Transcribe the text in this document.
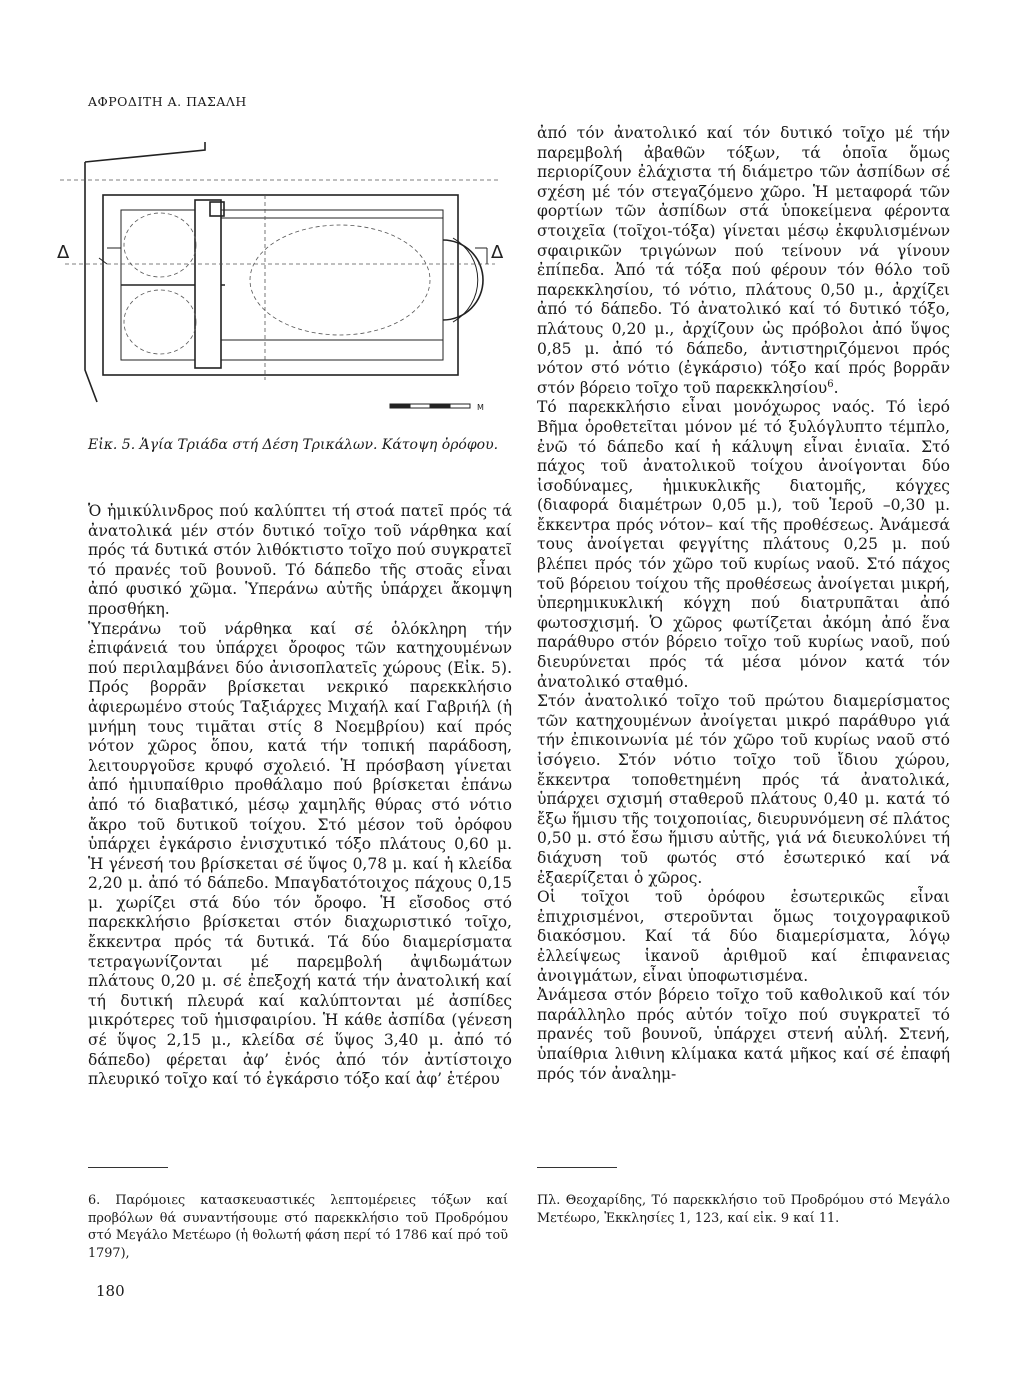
ΑΦΡΟΔΙΤΗ Α. ΠΑΣΑΛΗ
Δ	Δ
M
Εἰκ. 5. Ἁγία Τριάδα στή Δέση Τρικάλων. Κάτοψη ὀρόφου.

Ὁ ἡμικύλινδρος πού καλύπτει τή στοά πατεῖ πρός τά ἀνατολικά μέν στόν δυτικό τοῖχο τοῦ νάρθηκα καί πρός τά δυτικά στόν λιθόκτιστο τοῖχο πού συγκρατεῖ τό πρανές τοῦ βουνοῦ. Τό δάπεδο τῆς στοᾶς εἶναι ἀπό φυσικό χῶμα. Ὑπεράνω αὐτῆς ὑπάρχει ἄκομψη προσθήκη.

Ὑπεράνω τοῦ νάρθηκα καί σέ ὁλόκληρη τήν ἐπιφάνειά του ὑπάρχει ὄροφος τῶν κατηχουμένων πού περιλαμβάνει δύο ἀνισοπλατεῖς χώρους (Εἰκ. 5). Πρός βορρᾶν βρίσκεται νεκρικό παρεκκλήσιο ἀφιερωμένο στούς Ταξιάρχες Μιχαήλ καί Γαβριήλ (ἡ μνήμη τους τιμᾶται στίς 8 Νοεμβρίου) καί πρός νότον χῶρος ὅπου, κατά τήν τοπική παράδοση, λειτουργοῦσε κρυφό σχολειό. Ἡ πρόσβαση γίνεται ἀπό ἡμιυπαίθριο προθάλαμο πού βρίσκεται ἐπάνω ἀπό τό διαβατικό, μέσῳ χαμηλῆς θύρας στό νότιο ἄκρο τοῦ δυτικοῦ τοίχου. Στό μέσον τοῦ ὀρόφου ὑπάρχει ἐγκάρσιο ἐνισχυτικό τόξο πλάτους 0,60 μ. Ἡ γένεσή του βρίσκεται σέ ὕψος 0,78 μ. καί ἡ κλείδα 2,20 μ. ἀπό τό δάπεδο. Μπαγδατότοιχος πάχους 0,15 μ. χωρίζει στά δύο τόν ὄροφο. Ἡ εἴσοδος στό παρεκκλήσιο βρίσκεται στόν διαχωριστικό τοῖχο, ἔκκεντρα πρός τά δυτικά. Τά δύο διαμερίσματα τετραγωνίζονται μέ παρεμβολή ἀψιδωμάτων πλάτους 0,20 μ. σέ ἐπεξοχή κατά τήν ἀνατολική καί τή δυτική πλευρά καί καλύπτονται μέ ἀσπίδες μικρότερες τοῦ ἡμισφαιρίου. Ἡ κάθε ἀσπίδα (γένεση σέ ὕψος 2,15 μ., κλείδα σέ ὕψος 3,40 μ. ἀπό τό δάπεδο) φέρεται ἀφ’ ἑνός ἀπό τόν ἀντίστοιχο πλευρικό τοῖχο καί τό ἐγκάρσιο τόξο καί ἀφ’ ἑτέρου

ἀπό τόν ἀνατολικό καί τόν δυτικό τοῖχο μέ τήν παρεμβολή ἀβαθῶν τόξων, τά ὁποῖα ὅμως περιορίζουν ἐλάχιστα τή διάμετρο τῶν ἀσπίδων σέ σχέση μέ τόν στεγαζόμενο χῶρο. Ἡ μεταφορά τῶν φορτίων τῶν ἀσπίδων στά ὑποκείμενα φέροντα στοιχεῖα (τοῖχοι-τόξα) γίνεται μέσῳ ἐκφυλισμένων σφαιρικῶν τριγώνων πού τείνουν νά γίνουν ἐπίπεδα. Ἀπό τά τόξα πού φέρουν τόν θόλο τοῦ παρεκκλησίου, τό νότιο, πλάτους 0,50 μ., ἀρχίζει ἀπό τό δάπεδο. Τό ἀνατολικό καί τό δυτικό τόξο, πλάτους 0,20 μ., ἀρχίζουν ὡς πρόβολοι ἀπό ὕψος 0,85 μ. ἀπό τό δάπεδο, ἀντιστηριζόμενοι πρός νότον στό νότιο (ἐγκάρσιο) τόξο καί πρός βορρᾶν στόν βόρειο τοῖχο τοῦ παρεκκλησίου$^6$.

Τό παρεκκλήσιο εἶναι μονόχωρος ναός. Τό ἱερό Βῆμα ὁροθετεῖται μόνον μέ τό ξυλόγλυπτο τέμπλο, ἐνῶ τό δάπεδο καί ἡ κάλυψη εἶναι ἑνιαῖα. Στό πάχος τοῦ ἀνατολικοῦ τοίχου ἀνοίγονται δύο ἰσοδύναμες, ἡμικυκλικῆς διατομῆς, κόγχες (διαφορά διαμέτρων 0,05 μ.), τοῦ Ἱεροῦ –0,30 μ. ἔκκεντρα πρός νότον– καί τῆς προθέσεως. Ἀνάμεσά τους ἀνοίγεται φεγγίτης πλάτους 0,25 μ. πού βλέπει πρός τόν χῶρο τοῦ κυρίως ναοῦ. Στό πάχος τοῦ βόρειου τοίχου τῆς προθέσεως ἀνοίγεται μικρή, ὑπερημικυκλική κόγχη πού διατρυπᾶται ἀπό φωτοσχισμή. Ὁ χῶρος φωτίζεται ἀκόμη ἀπό ἕνα παράθυρο στόν βόρειο τοῖχο τοῦ κυρίως ναοῦ, πού διευρύνεται πρός τά μέσα μόνον κατά τόν ἀνατολικό σταθμό.

Στόν ἀνατολικό τοῖχο τοῦ πρώτου διαμερίσματος τῶν κατηχουμένων ἀνοίγεται μικρό παράθυρο γιά τήν ἐπικοινωνία μέ τόν χῶρο τοῦ κυρίως ναοῦ στό ἰσόγειο. Στόν νότιο τοῖχο τοῦ ἴδιου χώρου, ἔκκεντρα τοποθετημένη πρός τά ἀνατολικά, ὑπάρχει σχισμή σταθεροῦ πλάτους 0,40 μ. κατά τό ἔξω ἥμισυ τῆς τοιχοποιίας, διευρυνόμενη σέ πλάτος 0,50 μ. στό ἔσω ἥμισυ αὐτῆς, γιά νά διευκολύνει τή διάχυση τοῦ φωτός στό ἐσωτερικό καί νά ἐξαερίζεται ὁ χῶρος.

Οἱ τοῖχοι τοῦ ὀρόφου ἐσωτερικῶς εἶναι ἐπιχρισμένοι, στεροῦνται ὅμως τοιχογραφικοῦ διακόσμου. Καί τά δύο διαμερίσματα, λόγῳ ἐλλείψεως ἱκανοῦ ἀριθμοῦ καί ἐπιφανειας ἀνοιγμάτων, εἶναι ὑποφωτισμένα.

Ἀνάμεσα στόν βόρειο τοῖχο τοῦ καθολικοῦ καί τόν παράλληλο πρός αὐτόν τοῖχο πού συγκρατεῖ τό πρανές τοῦ βουνοῦ, ὑπάρχει στενή αὐλή. Στενή, ὑπαίθρια λιθινη κλίμακα κατά μῆκος καί σέ ἐπαφή πρός τόν ἀναλημ-

6. Παρόμοιες κατασκευαστικές λεπτομέρειες τόξων καί προβόλων θά συναντήσουμε στό παρεκκλήσιο τοῦ Προδρόμου στό Μεγάλο Μετέωρο (ἡ θολωτή φάση περί τό 1786 καί πρό τοῦ 1797),
Πλ. Θεοχαρίδης, Τό παρεκκλήσιο τοῦ Προδρόμου στό Μεγάλο Μετέωρο, Ἐκκλησίες 1, 123, καί εἰκ. 9 καί 11.
180
